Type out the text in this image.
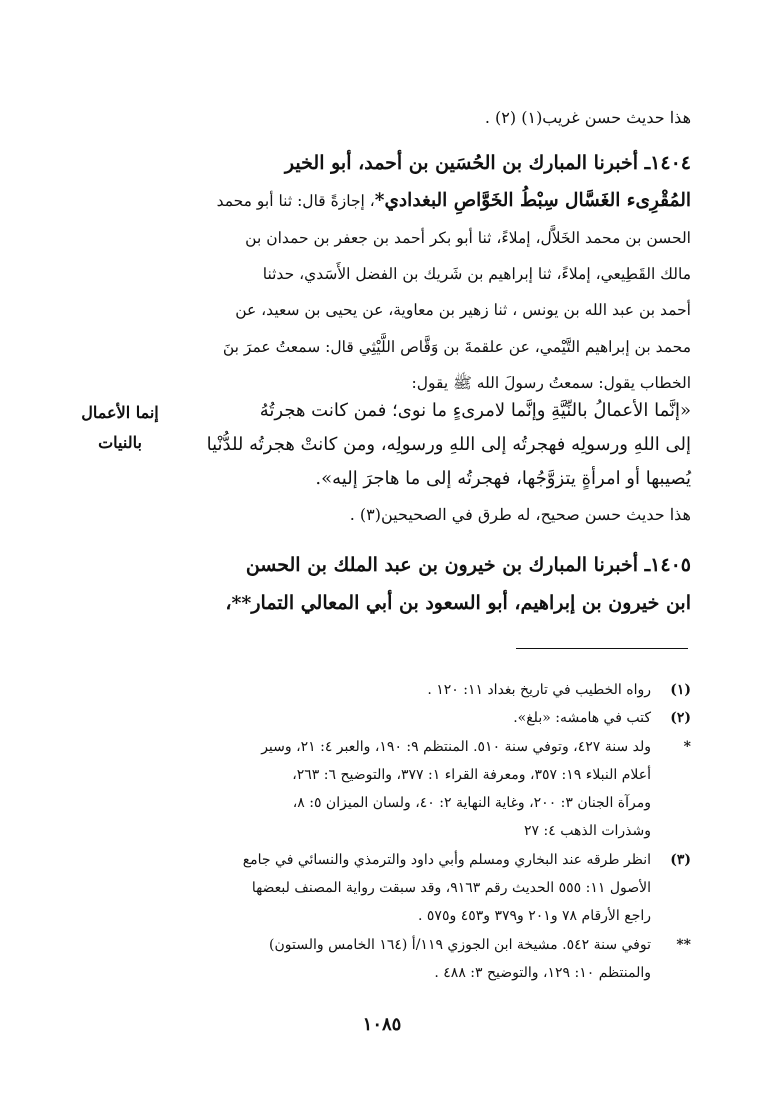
هذا حديث حسن غريب(١) (٢) .
١٤٠٤ـ أخبرنا المبارك بن الحُسَين بن أحمد، أبو الخير
المُقْرِىء الغَسَّال سِبْطُ الخَوَّاصِ البغدادي*، إجازةً قال: ثنا أبو محمد
الحسن بن محمد الخَلاَّل، إملاءً، ثنا أبو بكر أحمد بن جعفر بن حمدان بن
مالك القَطِيعي، إملاءً، ثنا إبراهيم بن شَريك بن الفضل الأَسَدي، حدثنا
أحمد بن عبد الله بن يونس ، ثنا زهير بن معاوية، عن يحيى بن سعيد، عن
محمد بن إبراهيم التَّيْمي، عن علقمةَ بن وَقَّاص اللَّيْثِي قال: سمعتُ عمرَ بنَ
الخطاب يقول: سمعتُ رسولَ الله ﷺ يقول:
«إنَّما الأعمالُ بالنِّيَّةِ وإنَّما لامرىءٍ ما نوى؛ فمن كانت هجرتُهُ
إلى اللهِ ورسولِه فهجرتُه إلى اللهِ ورسولِه، ومن كانتْ هجرتُه للدُّنْيا
يُصيبها أو امرأةٍ يتزوَّجُها، فهجرتُه إلى ما هاجرَ إليه».
هذا حديث حسن صحيح، له طرق في الصحيحين(٣) .
١٤٠٥ـ أخبرنا المبارك بن خيرون بن عبد الملك بن الحسن
ابن خيرون بن إبراهيم، أبو السعود بن أبي المعالي التمار**،
إنما الأعمال
بالنيات
(١)
رواه الخطيب في تاريخ بغداد ١١: ١٢٠ .
(٢)
كتب في هامشه: «بلغ».
*
ولد سنة ٤٢٧، وتوفي سنة ٥١٠. المنتظم ٩: ١٩٠، والعبر ٤: ٢١، وسير
أعلام النبلاء ١٩: ٣٥٧، ومعرفة القراء ١: ٣٧٧، والتوضيح ٦: ٢٦٣،
ومرآة الجنان ٣: ٢٠٠، وغاية النهاية ٢: ٤٠، ولسان الميزان ٥: ٨،
وشذرات الذهب ٤: ٢٧
(٣)
انظر طرقه عند البخاري ومسلم وأبي داود والترمذي والنسائي في جامع
الأصول ١١: ٥٥٥ الحديث رقم ٩١٦٣، وقد سبقت رواية المصنف لبعضها
راجع الأرقام ٧٨ و٢٠١ و٣٧٩ و٤٥٣ و٥٧٥ .
**
توفي سنة ٥٤٢. مشيخة ابن الجوزي ١١٩/أ (١٦٤ الخامس والستون)
والمنتظم ١٠: ١٢٩، والتوضيح ٣: ٤٨٨ .
١٠٨٥
